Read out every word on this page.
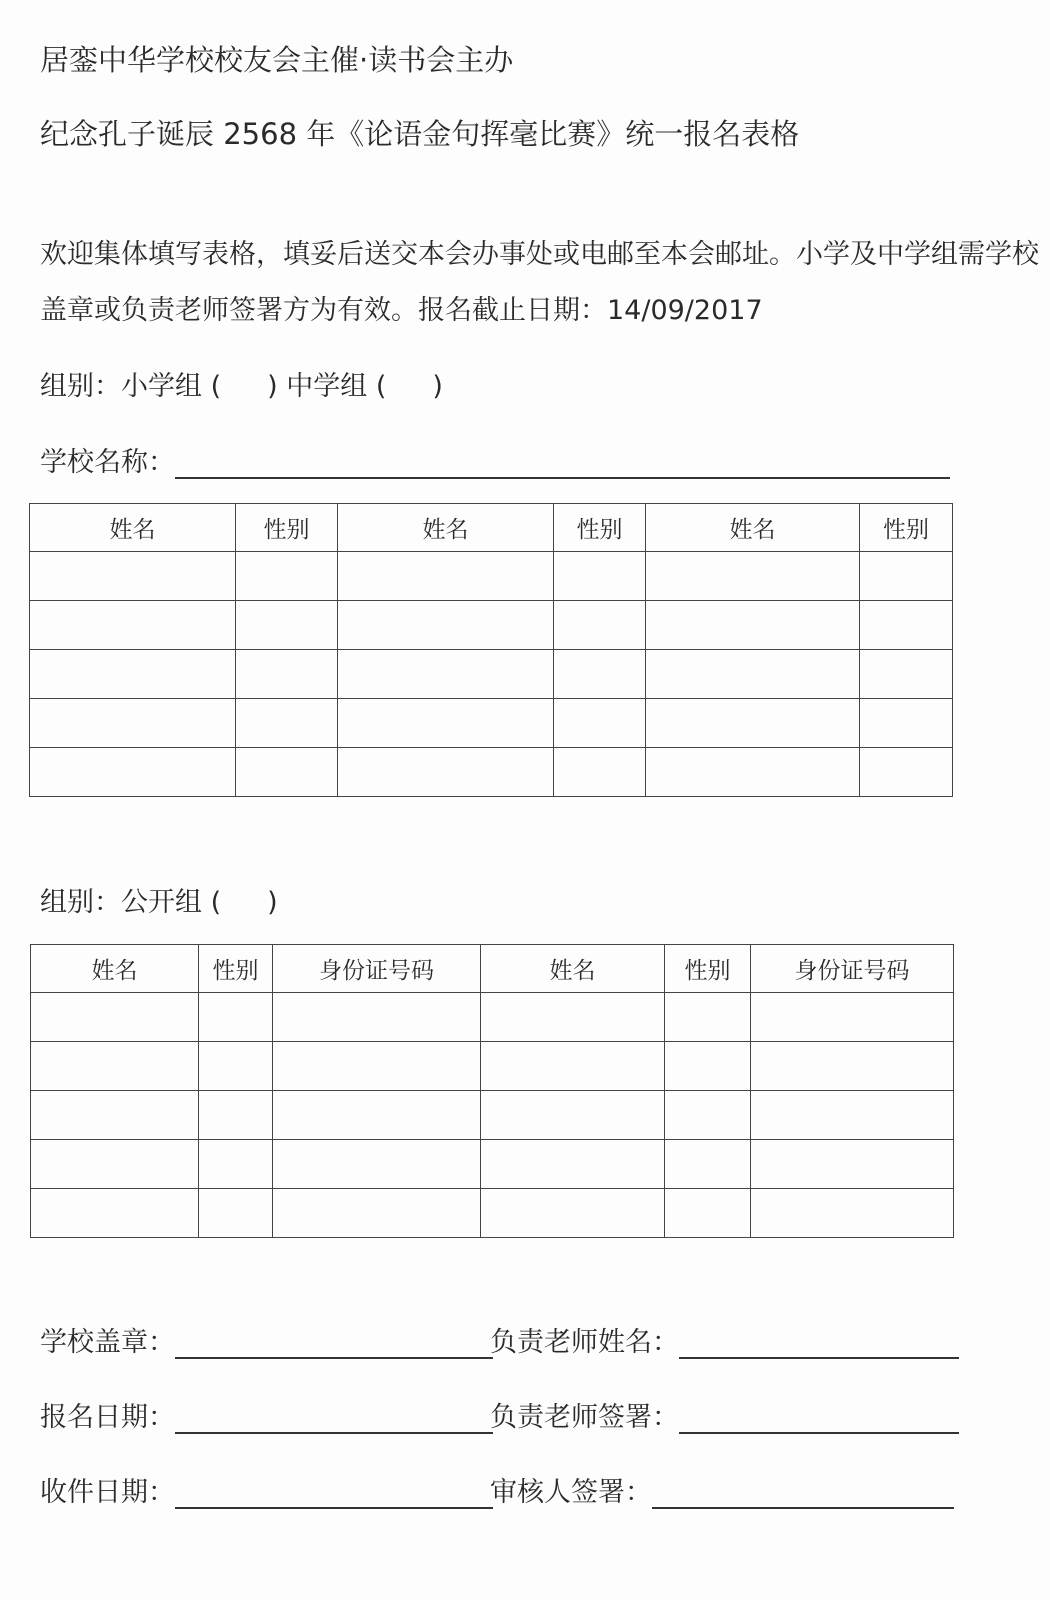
居銮中华学校校友会主催·读书会主办
纪念孔子诞辰 2568 年《论语金句挥毫比赛》统一报名表格
欢迎集体填写表格，填妥后送交本会办事处或电邮至本会邮址。小学及中学组需学校
盖章或负责老师签署方为有效。报名截止日期：14/09/2017
组别：小学组 ( ) 中学组 ( )
学校名称：
姓名	性别	姓名	性别	姓名	性别

组别：公开组 ( )
姓名	性别	身份证号码	姓名	性别	身份证号码

学校盖章：	负责老师姓名：
报名日期：	负责老师签署：
收件日期：	审核人签署：
